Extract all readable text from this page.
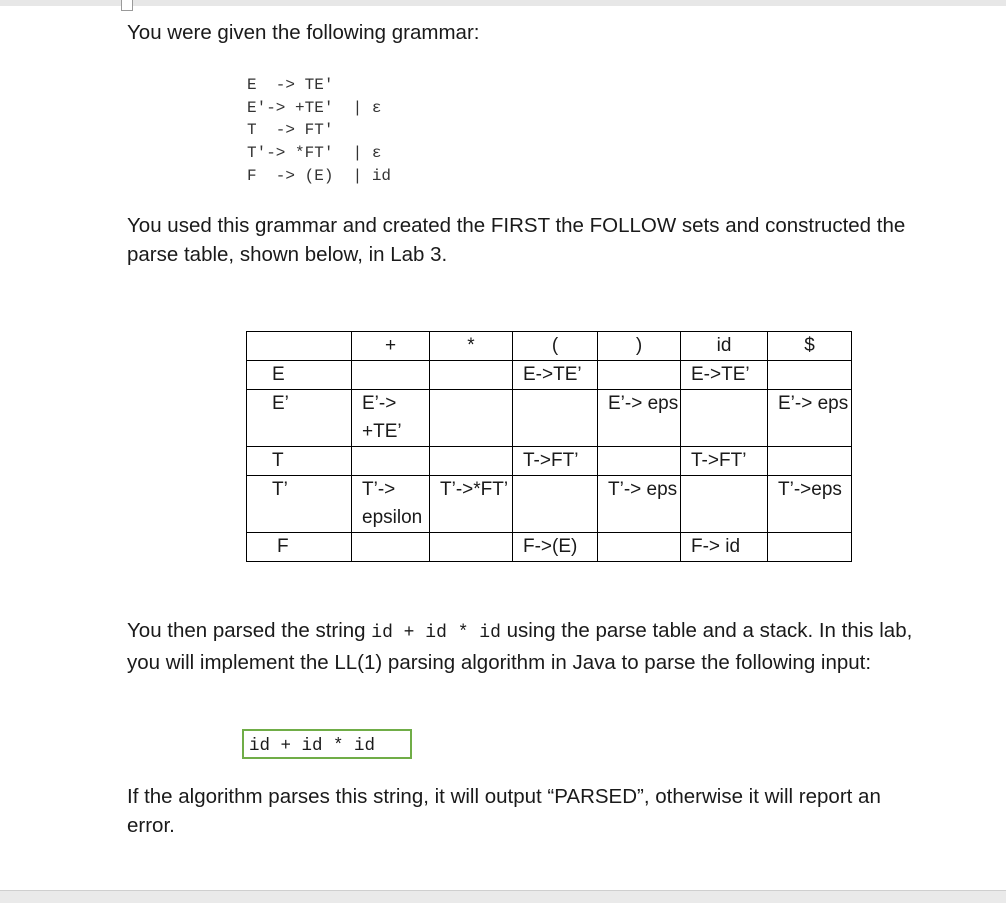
You were given the following grammar:

E  -> TE'
E'-> +TE'  | ε
T  -> FT'
T'-> *FT'  | ε
F  -> (E)  | id

You used this grammar and created the FIRST the FOLLOW sets and constructed the parse table, shown below, in Lab 3.

	+	*	(	)	id	$
E			E->TE’		E->TE’	
E’	E’-> +TE’			E’-> eps		E’-> eps
T			T->FT’		T->FT’	
T’	T’-> epsilon	T’->*FT’		T’-> eps		T’->eps
F			F->(E)		F-> id	

You then parsed the string id + id * id using the parse table and a stack. In this lab, you will implement the LL(1) parsing algorithm in Java to parse the following input:

id + id * id

If the algorithm parses this string, it will output “PARSED”, otherwise it will report an error.
